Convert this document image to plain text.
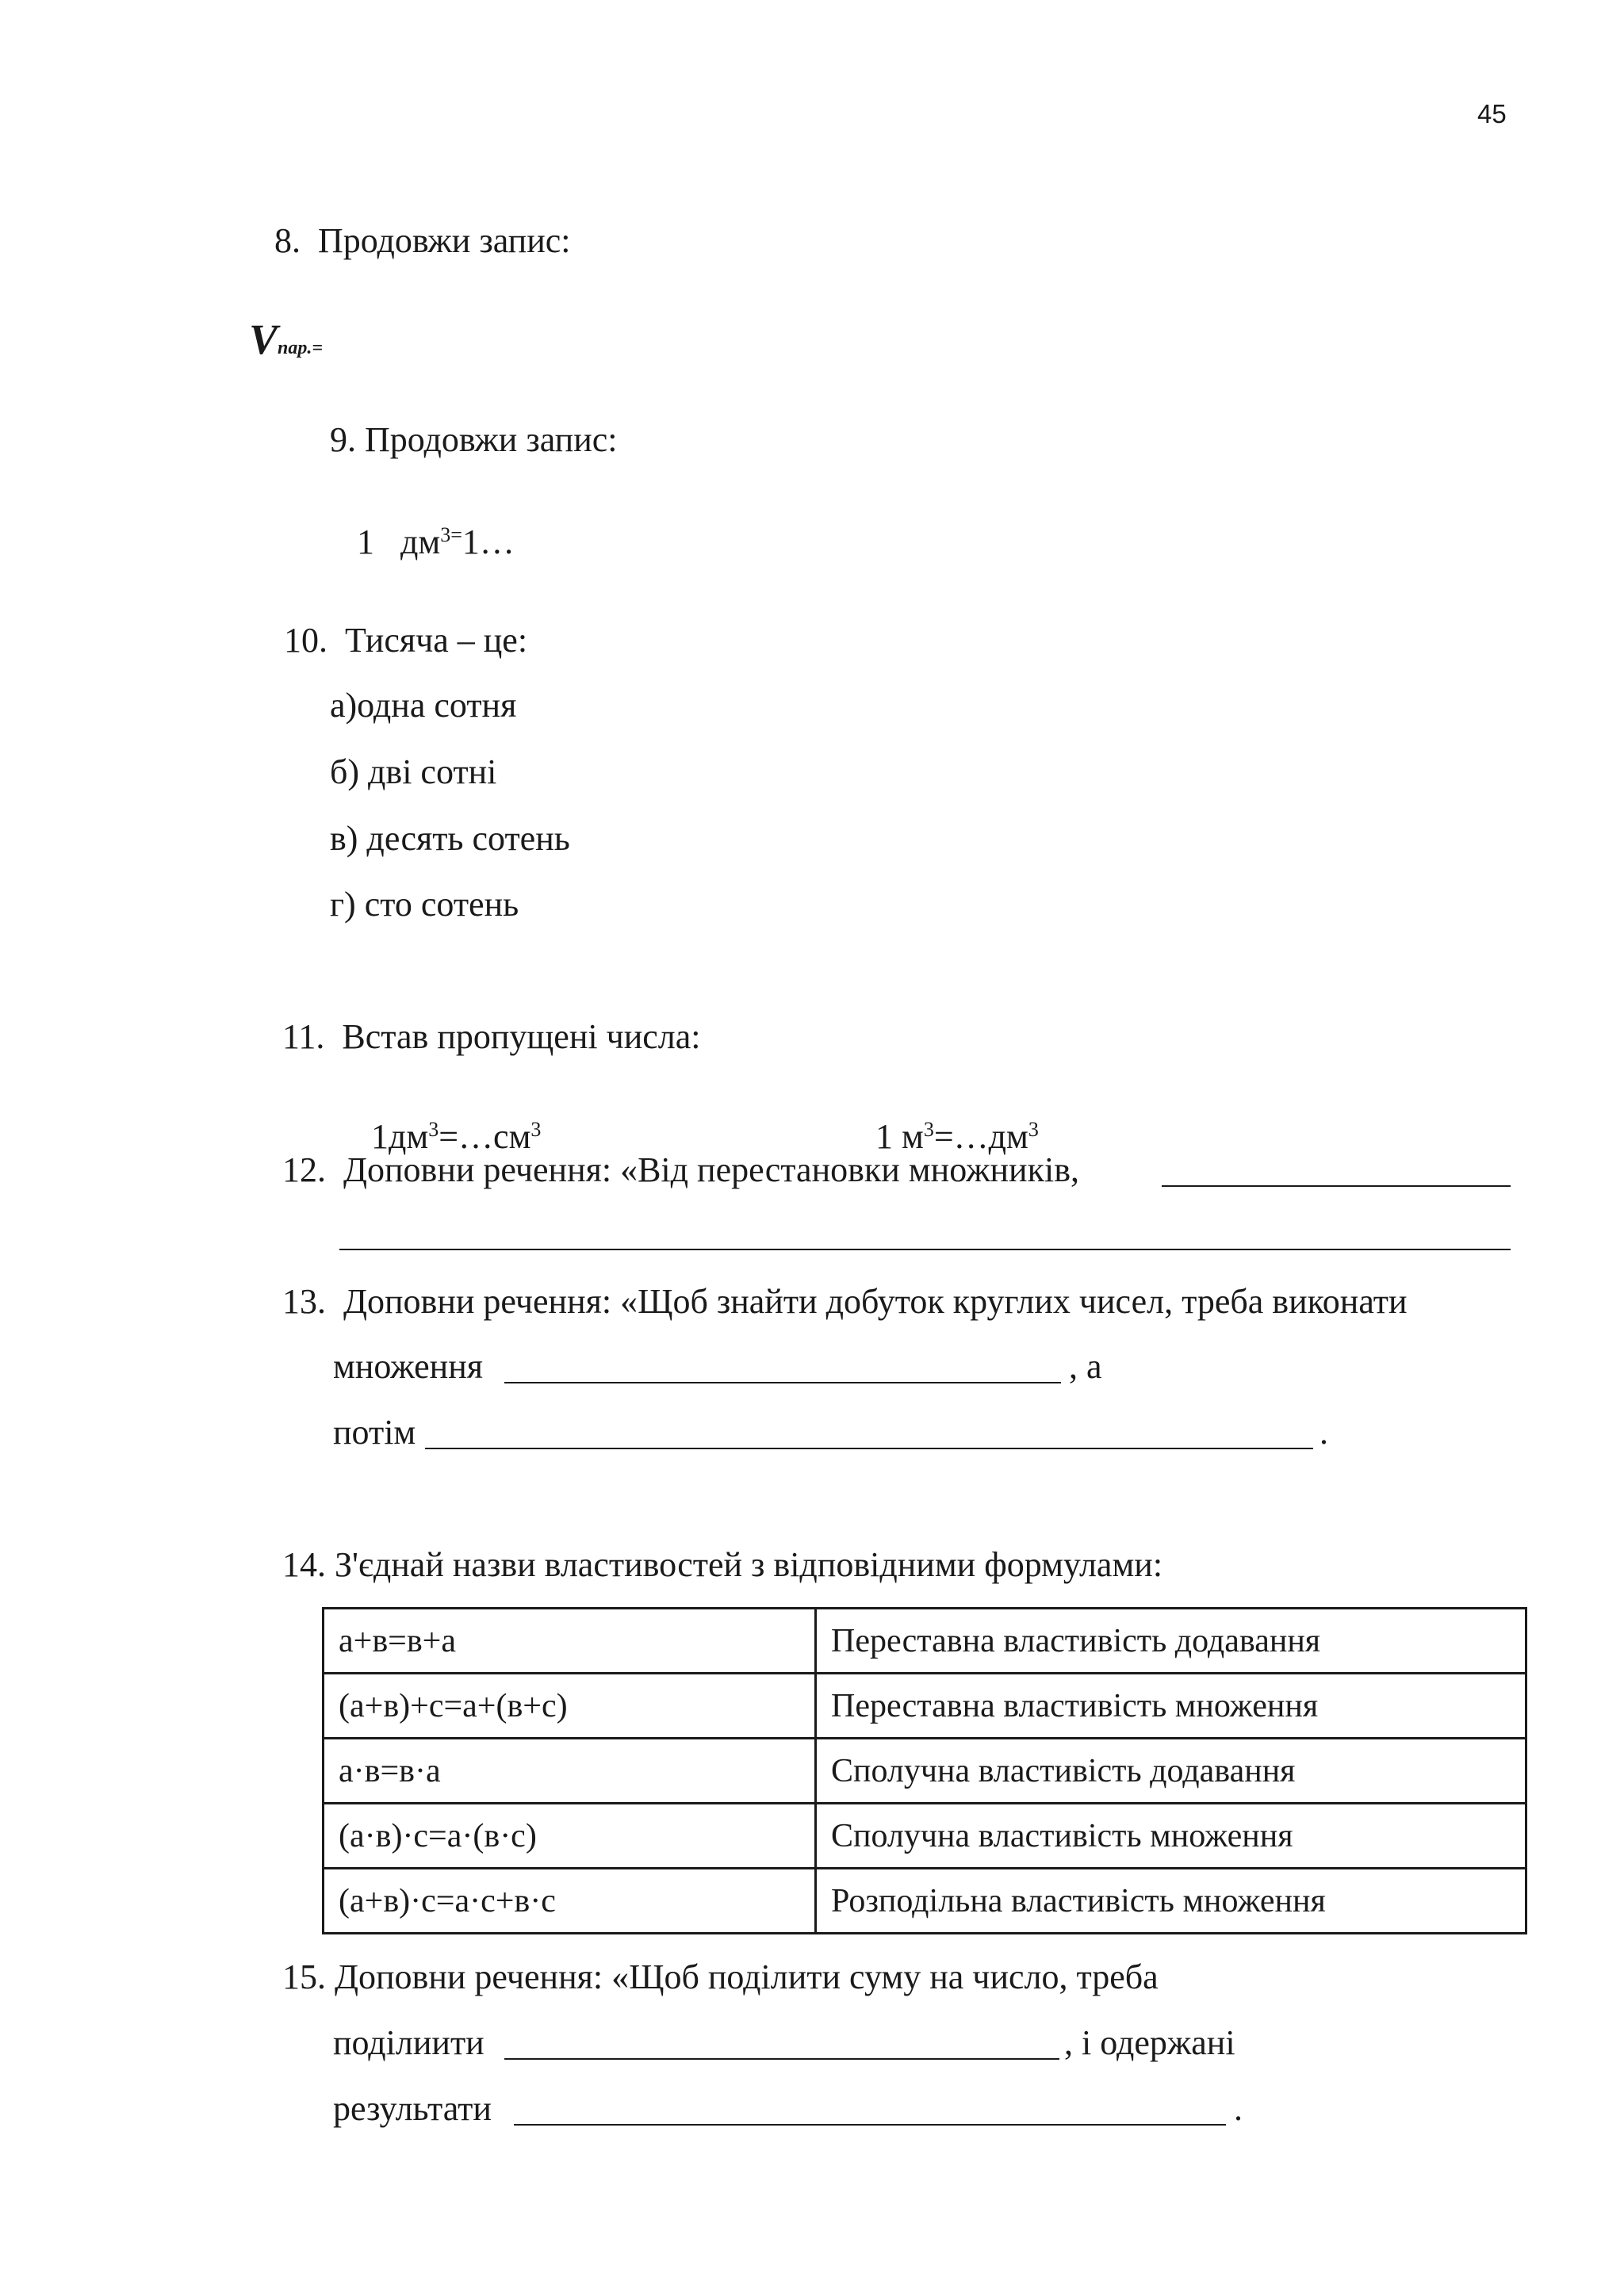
45
8.  Продовжи запис:

Vпар.=

9. Продовжи запис:

1 $дм^{3=}1\dots$

10.  Тисяча – це:
а)одна сотня
б) дві сотні
в) десять сотень
г) сто сотень
11.  Встав пропущені числа:

$1дм^3=\dots см^3$	1 $м^3=\dots дм^3$

12.  Доповни речення: «Від перестановки множників,
13.  Доповни речення: «Щоб знайти добуток круглих чисел, треба виконати
множення	, а
потім	.
14. З'єднай назви властивостей з відповідними формулами:
а+в=в+а	Переставна властивість додавання
(а+в)+с=а+(в+с)	Переставна властивість множення
а·в=в·а	Сполучна властивість додавання
(а·в)·с=а·(в·с)	Сполучна властивість множення
(а+в)·с=а·с+в·с	Розподільна властивість множення
15. Доповни речення: «Щоб поділити суму на число, треба
поділиити	, і одержані
результати	.
